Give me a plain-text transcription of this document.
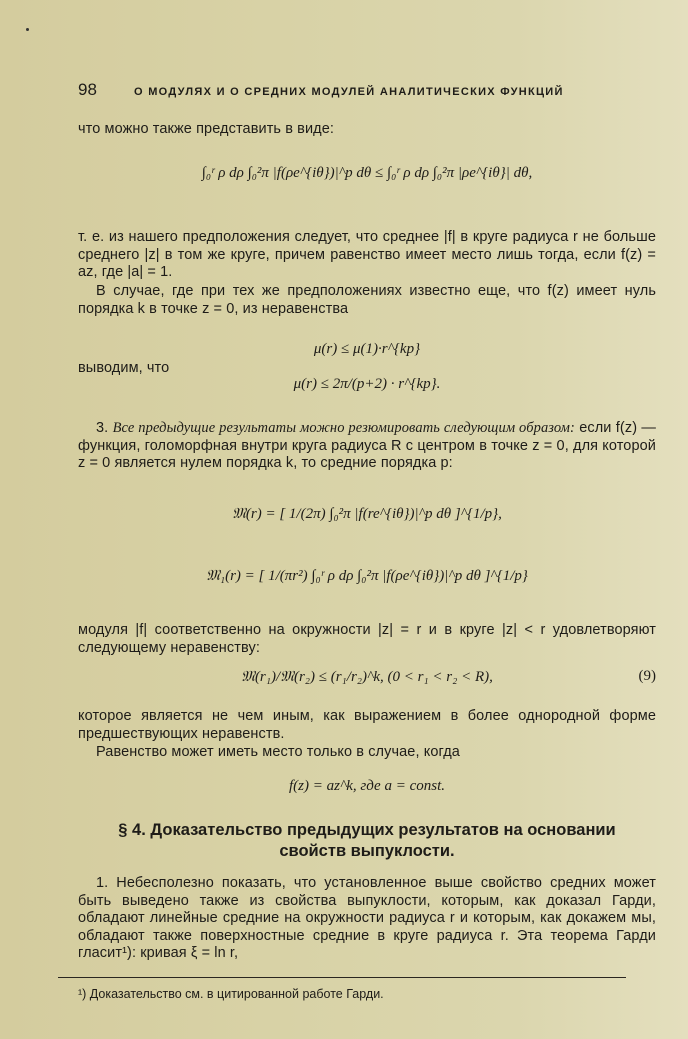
98	О МОДУЛЯХ И О СРЕДНИХ МОДУЛЕЙ АНАЛИТИЧЕСКИХ ФУНКЦИЙ

что можно также представить в виде:

∫₀ʳ ρ dρ ∫₀²π |f(ρe^{iθ})|^p dθ ≤ ∫₀ʳ ρ dρ ∫₀²π |ρe^{iθ}| dθ,

т. е. из нашего предположения следует, что среднее |f| в круге радиуса r не больше среднего |z| в том же круге, причем равенство имеет место лишь тогда, если f(z) = az, где |a| = 1.

В случае, где при тех же предположениях известно еще, что f(z) имеет нуль порядка k в точке z = 0, из неравенства

μ(r) ≤ μ(1)·r^{kp}

выводим, что

μ(r) ≤ 2π/(p+2) · r^{kp}.

3. Все предыдущие результаты можно резюмировать следующим образом: если f(z) — функция, голоморфная внутри круга радиуса R с центром в точке z = 0, для которой z = 0 является нулем порядка k, то средние порядка p:

𝔐(r) = [ 1/(2π) ∫₀²π |f(re^{iθ})|^p dθ ]^{1/p},
𝔐₁(r) = [ 1/(πr²) ∫₀ʳ ρ dρ ∫₀²π |f(ρe^{iθ})|^p dθ ]^{1/p}

модуля |f| соответственно на окружности |z| = r и в круге |z| < r удовлетворяют следующему неравенству:

𝔐(r₁)/𝔐(r₂) ≤ (r₁/r₂)^k, (0 < r₁ < r₂ < R),	(9)

которое является не чем иным, как выражением в более однородной форме предшествующих неравенств.

Равенство может иметь место только в случае, когда

f(z) = az^k, где a = const.
§ 4. Доказательство предыдущих результатов на основании
свойств выпуклости.

1. Небесполезно показать, что установленное выше свойство средних может быть выведено также из свойства выпуклости, которым, как доказал Гарди, обладают линейные средние на окружности радиуса r и которым, как докажем мы, обладают также поверхностные средние в круге радиуса r. Эта теорема Гарди гласит¹): кривая ξ = ln r,

¹) Доказательство см. в цитированной работе Гарди.
